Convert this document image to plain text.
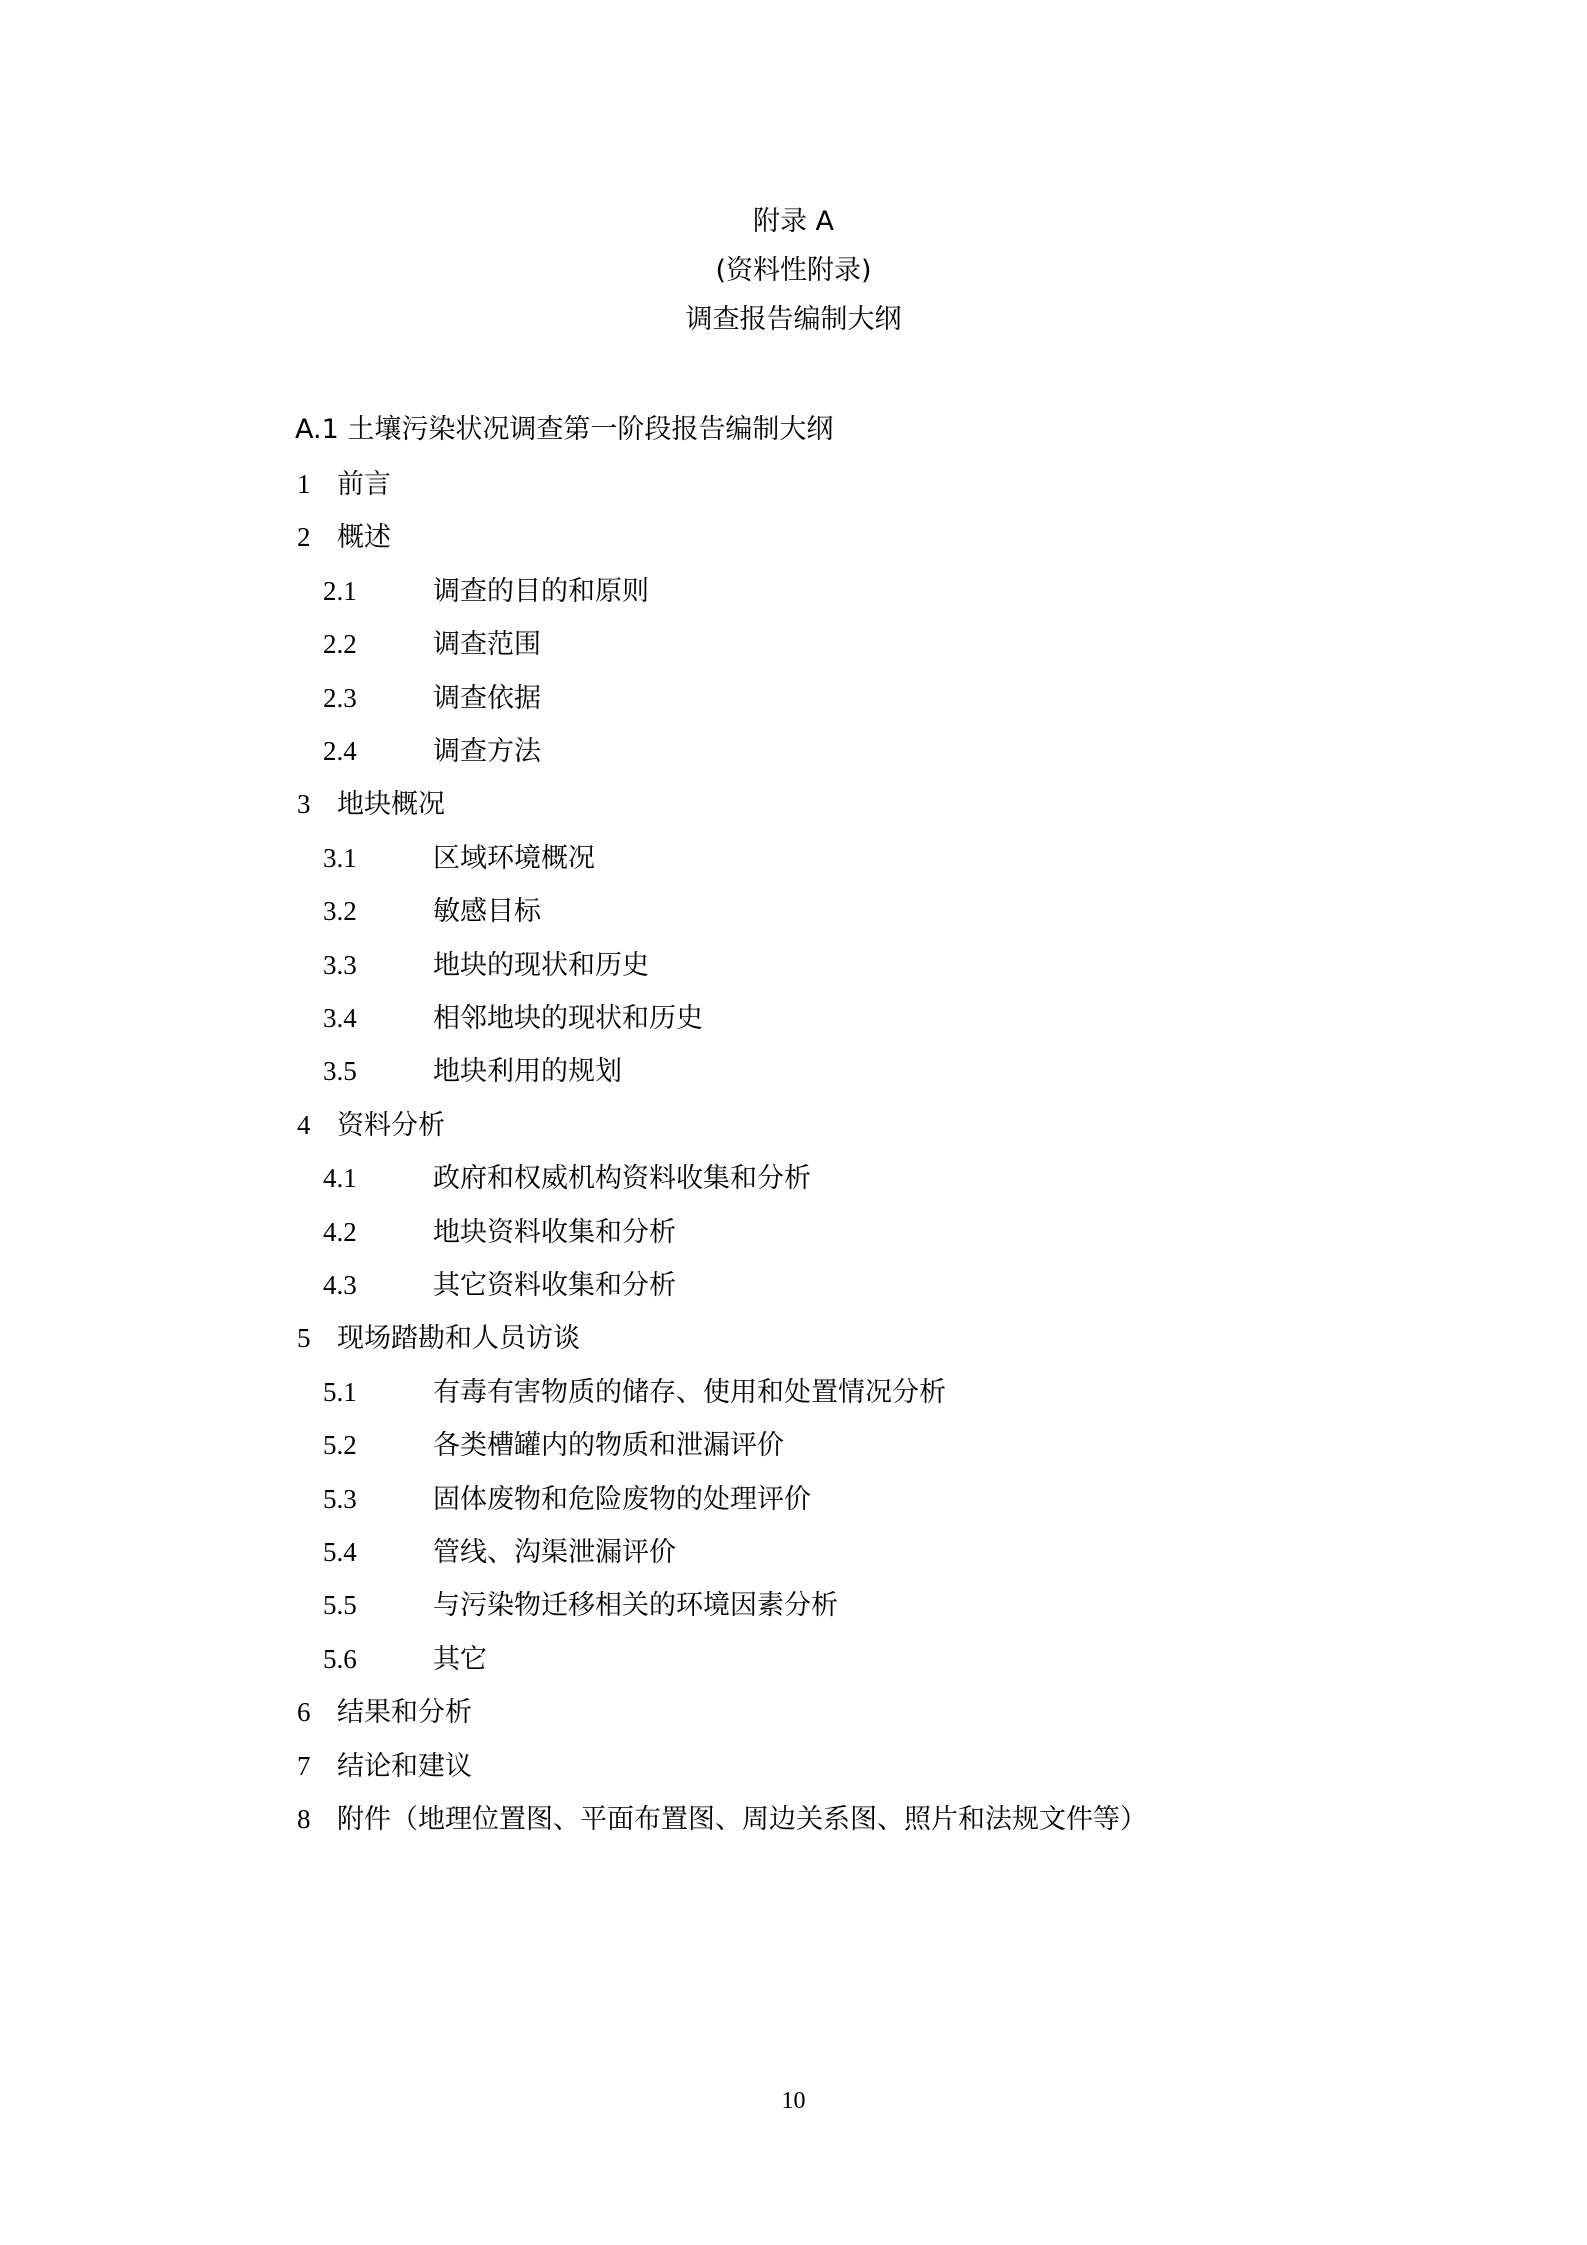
附录 A
(资料性附录)
调查报告编制大纲
A.1 土壤污染状况调查第一阶段报告编制大纲
1 前言
2 概述
2.1	调查的目的和原则
2.2	调查范围
2.3	调查依据
2.4	调查方法
3 地块概况
3.1	区域环境概况
3.2	敏感目标
3.3	地块的现状和历史
3.4	相邻地块的现状和历史
3.5	地块利用的规划
4 资料分析
4.1	政府和权威机构资料收集和分析
4.2	地块资料收集和分析
4.3	其它资料收集和分析
5 现场踏勘和人员访谈
5.1	有毒有害物质的储存、使用和处置情况分析
5.2	各类槽罐内的物质和泄漏评价
5.3	固体废物和危险废物的处理评价
5.4	管线、沟渠泄漏评价
5.5	与污染物迁移相关的环境因素分析
5.6	其它
6 结果和分析
7 结论和建议
8 附件（地理位置图、平面布置图、周边关系图、照片和法规文件等）
10
